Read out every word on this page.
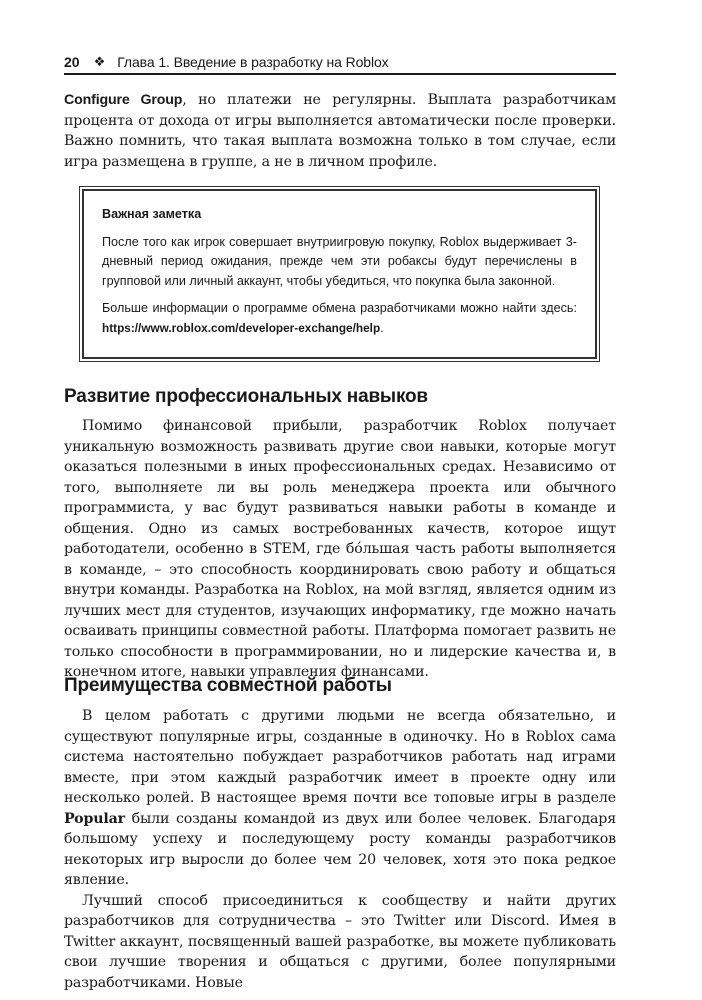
20 ❖ Глава 1. Введение в разработку на Roblox

Configure Group, но платежи не регулярны. Выплата разработчикам процента от дохода от игры выполняется автоматически после проверки. Важно помнить, что такая выплата возможна только в том случае, если игра размещена в группе, а не в личном профиле.

Важная заметка

После того как игрок совершает внутриигровую покупку, Roblox выдерживает 3-дневный период ожидания, прежде чем эти робаксы будут перечислены в групповой или личный аккаунт, чтобы убедиться, что покупка была законной.

Больше информации о программе обмена разработчиками можно найти здесь: https://www.roblox.com/developer-exchange/help.

Развитие профессиональных навыков

Помимо финансовой прибыли, разработчик Roblox получает уникальную возможность развивать другие свои навыки, которые могут оказаться полезными в иных профессиональных средах. Независимо от того, выполняете ли вы роль менеджера проекта или обычного программиста, у вас будут развиваться навыки работы в команде и общения. Одно из самых востребованных качеств, которое ищут работодатели, особенно в STEM, где бóльшая часть работы выполняется в команде, – это способность координировать свою работу и общаться внутри команды. Разработка на Roblox, на мой взгляд, является одним из лучших мест для студентов, изучающих информатику, где можно начать осваивать принципы совместной работы. Платформа помогает развить не только способности в программировании, но и лидерские качества и, в конечном итоге, навыки управления финансами.

Преимущества совместной работы

В целом работать с другими людьми не всегда обязательно, и существуют популярные игры, созданные в одиночку. Но в Roblox сама система настоятельно побуждает разработчиков работать над играми вместе, при этом каждый разработчик имеет в проекте одну или несколько ролей. В настоящее время почти все топовые игры в разделе Popular были созданы командой из двух или более человек. Благодаря большому успеху и последующему росту команды разработчиков некоторых игр выросли до более чем 20 человек, хотя это пока редкое явление.

Лучший способ присоединиться к сообществу и найти других разработчиков для сотрудничества – это Twitter или Discord. Имея в Twitter аккаунт, посвященный вашей разработке, вы можете публиковать свои лучшие творения и общаться с другими, более популярными разработчиками. Новые
